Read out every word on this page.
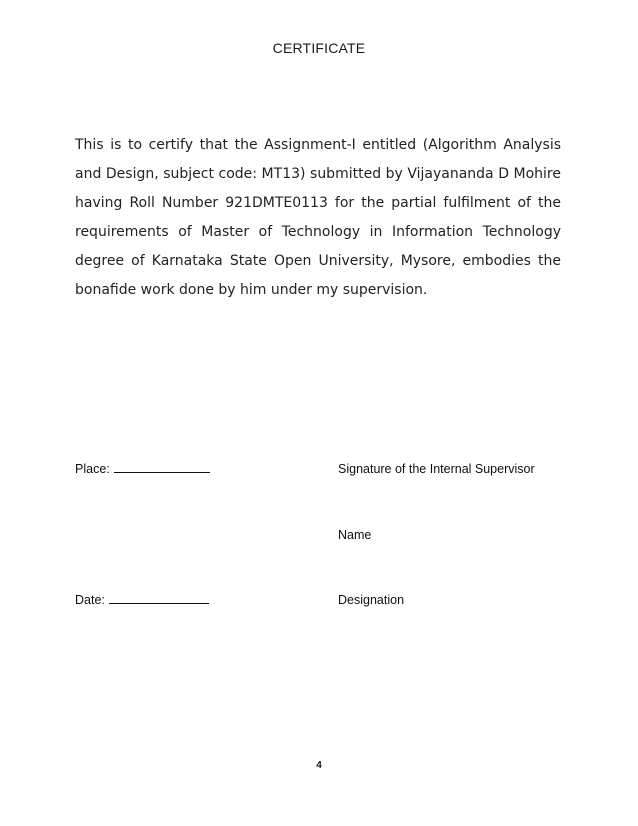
CERTIFICATE
This is to certify that the Assignment-I entitled (Algorithm Analysis and Design, subject code: MT13) submitted by Vijayananda D Mohire having Roll Number 921DMTE0113 for the partial fulfilment of the requirements of Master of Technology in Information Technology degree of Karnataka State Open University, Mysore, embodies the bonafide work done by him under my supervision.
Place:
Date:
Signature of the Internal Supervisor
Name
Designation
4
